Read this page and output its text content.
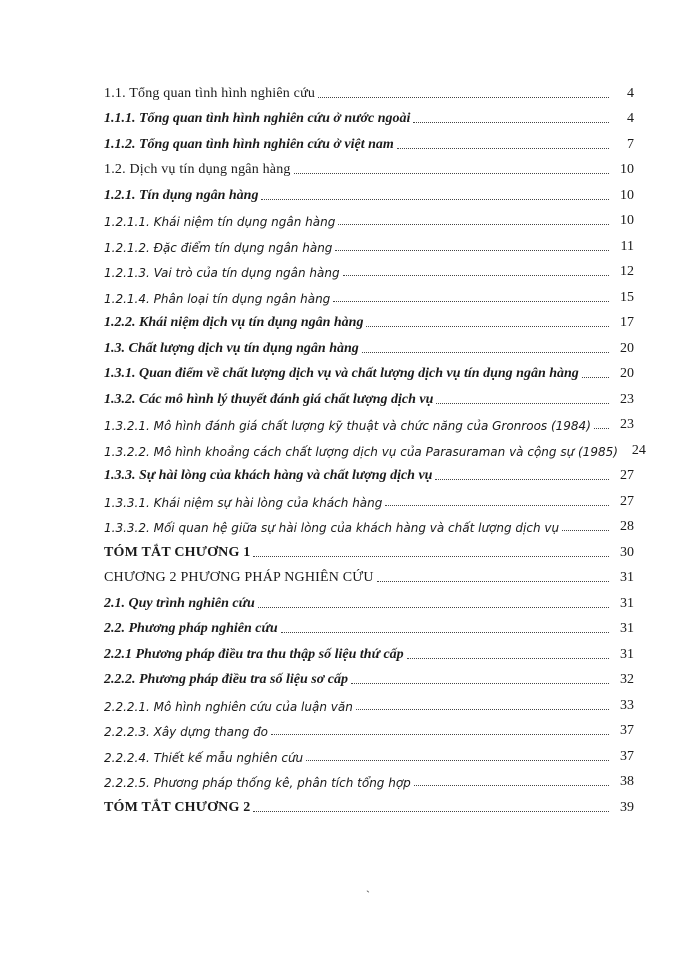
1.1. Tổng quan tình hình nghiên cứu	4
1.1.1. Tổng quan tình hình nghiên cứu ở nước ngoài	4
1.1.2. Tổng quan tình hình nghiên cứu ở việt nam	7
1.2. Dịch vụ tín dụng ngân hàng	10
1.2.1. Tín dụng ngân hàng	10
1.2.1.1. Khái niệm tín dụng ngân hàng	10
1.2.1.2. Đặc điểm tín dụng ngân hàng	11
1.2.1.3. Vai trò của tín dụng ngân hàng	12
1.2.1.4. Phân loại tín dụng ngân hàng	15
1.2.2. Khái niệm dịch vụ tín dụng ngân hàng	17
1.3. Chất lượng dịch vụ tín dụng ngân hàng	20
1.3.1. Quan điểm về chất lượng dịch vụ và chất lượng dịch vụ tín dụng ngân hàng	20
1.3.2. Các mô hình lý thuyết đánh giá chất lượng dịch vụ	23
1.3.2.1. Mô hình đánh giá chất lượng kỹ thuật và chức năng của Gronroos (1984)	23
1.3.2.2. Mô hình khoảng cách chất lượng dịch vụ của Parasuraman và cộng sự (1985)	24
1.3.3. Sự hài lòng của khách hàng và chất lượng dịch vụ	27
1.3.3.1. Khái niệm sự hài lòng của khách hàng	27
1.3.3.2. Mối quan hệ giữa sự hài lòng của khách hàng và chất lượng dịch vụ	28
TÓM TẮT CHƯƠNG 1	30
CHƯƠNG 2 PHƯƠNG PHÁP NGHIÊN CỨU	31
2.1. Quy trình nghiên cứu	31
2.2. Phương pháp nghiên cứu	31
2.2.1 Phương pháp điều tra thu thập số liệu thứ cấp	31
2.2.2. Phương pháp điều tra số liệu sơ cấp	32
2.2.2.1. Mô hình nghiên cứu của luận văn	33
2.2.2.3. Xây dựng thang đo	37
2.2.2.4. Thiết kế mẫu nghiên cứu	37
2.2.2.5. Phương pháp thống kê, phân tích tổng hợp	38
TÓM TẮT CHƯƠNG 2	39
`
